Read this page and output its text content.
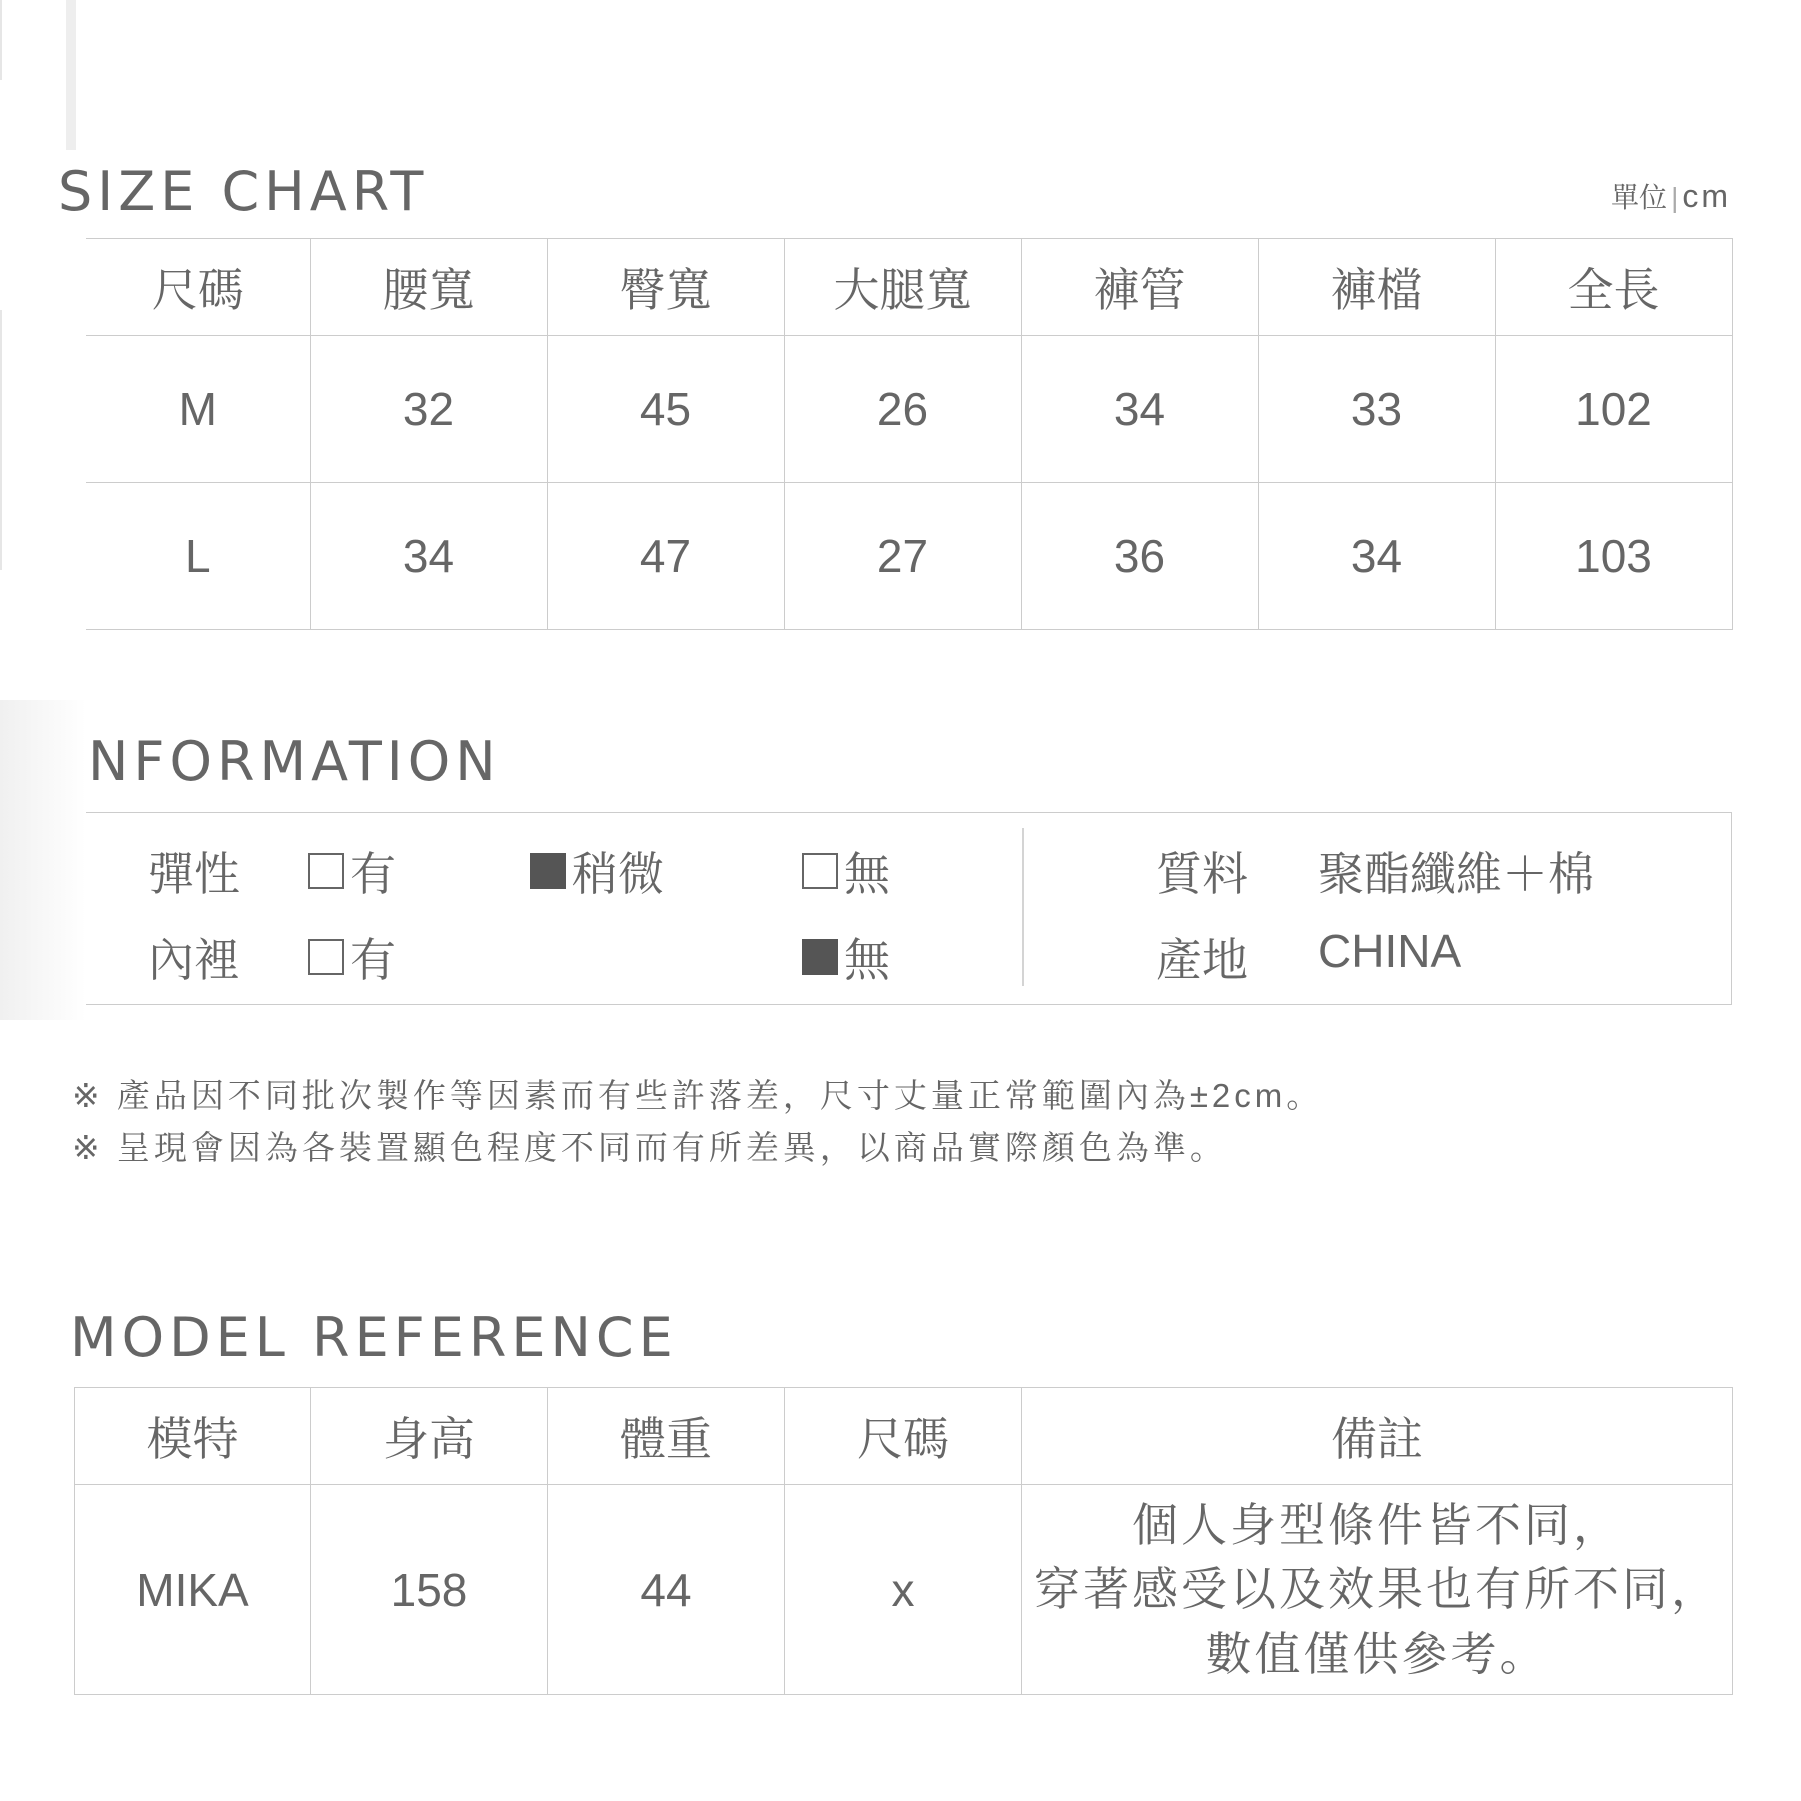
SIZE CHART	單位 | cm
尺碼	腰寬	臀寬	大腿寬	褲管	褲檔	全長
M	32	45	26	34	33	102
L	34	47	27	36	34	103
NFORMATION
彈性 有	稍微	無
內裡 有	無
質料 聚酯纖維＋棉
產地 CHINA
※ 產品因不同批次製作等因素而有些許落差，尺寸丈量正常範圍內為±2cm。
※ 呈現會因為各裝置顯色程度不同而有所差異，以商品實際顏色為準。
MODEL REFERENCE
模特	身高	體重	尺碼	備註
MIKA	158	44	x	個人身型條件皆不同，
穿著感受以及效果也有所不同，
數值僅供參考。
